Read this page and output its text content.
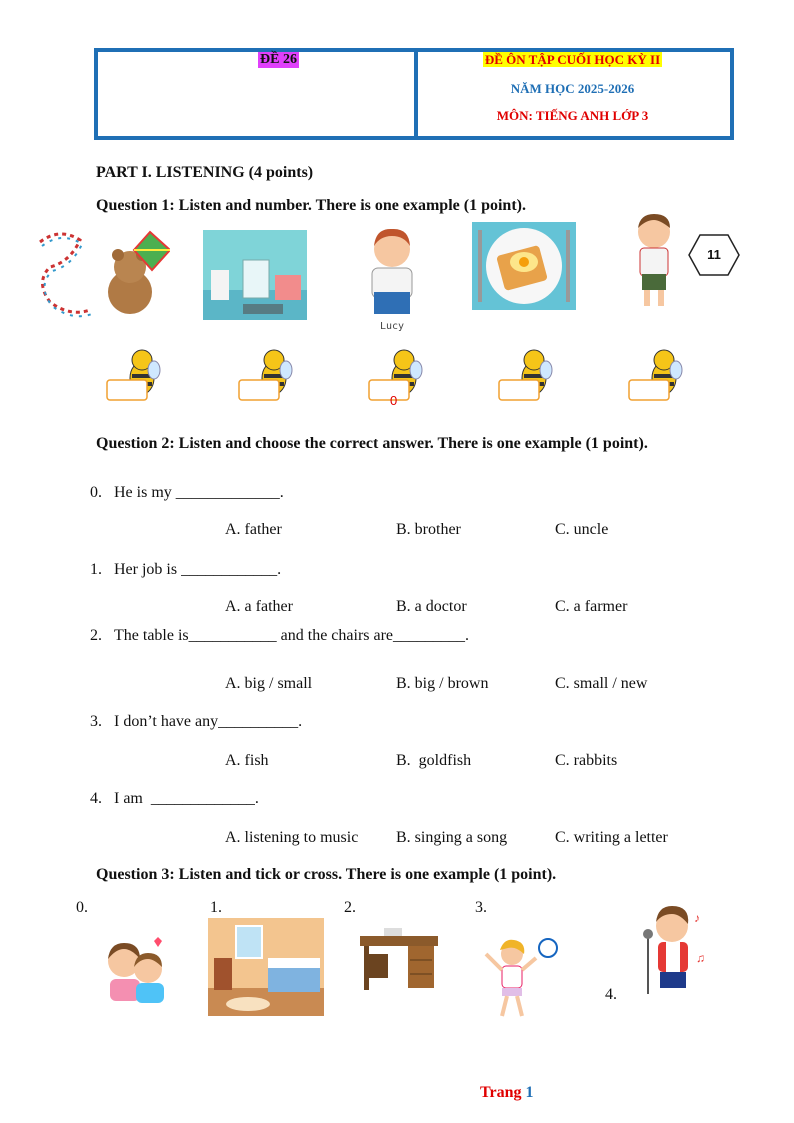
ĐỀ 26	ĐỀ ÔN TẬP CUỐI HỌC KỲ II
NĂM HỌC 2025-2026
MÔN: TIẾNG ANH LỚP 3
PART I. LISTENING (4 points)
Question 1: Listen and number. There is one example (1 point).
Lucy
11
0
Question 2: Listen and choose the correct answer. There is one example (1 point).
0. He is my _____________.
A. father	B. brother	C. uncle
1. Her job is ____________.
A. a father	B. a doctor	C. a farmer
2. The table is___________ and the chairs are_________.
A. big / small	B. big / brown	C. small / new
3. I don’t have any__________.
A. fish	B.  goldfish	C. rabbits
4. I am  _____________.
A. listening to music B. singing a song	C. writing a letter
Question 3: Listen and tick or cross. There is one example (1 point).
0.	1.	2.	3.
4.
♪
♫
Trang 1
